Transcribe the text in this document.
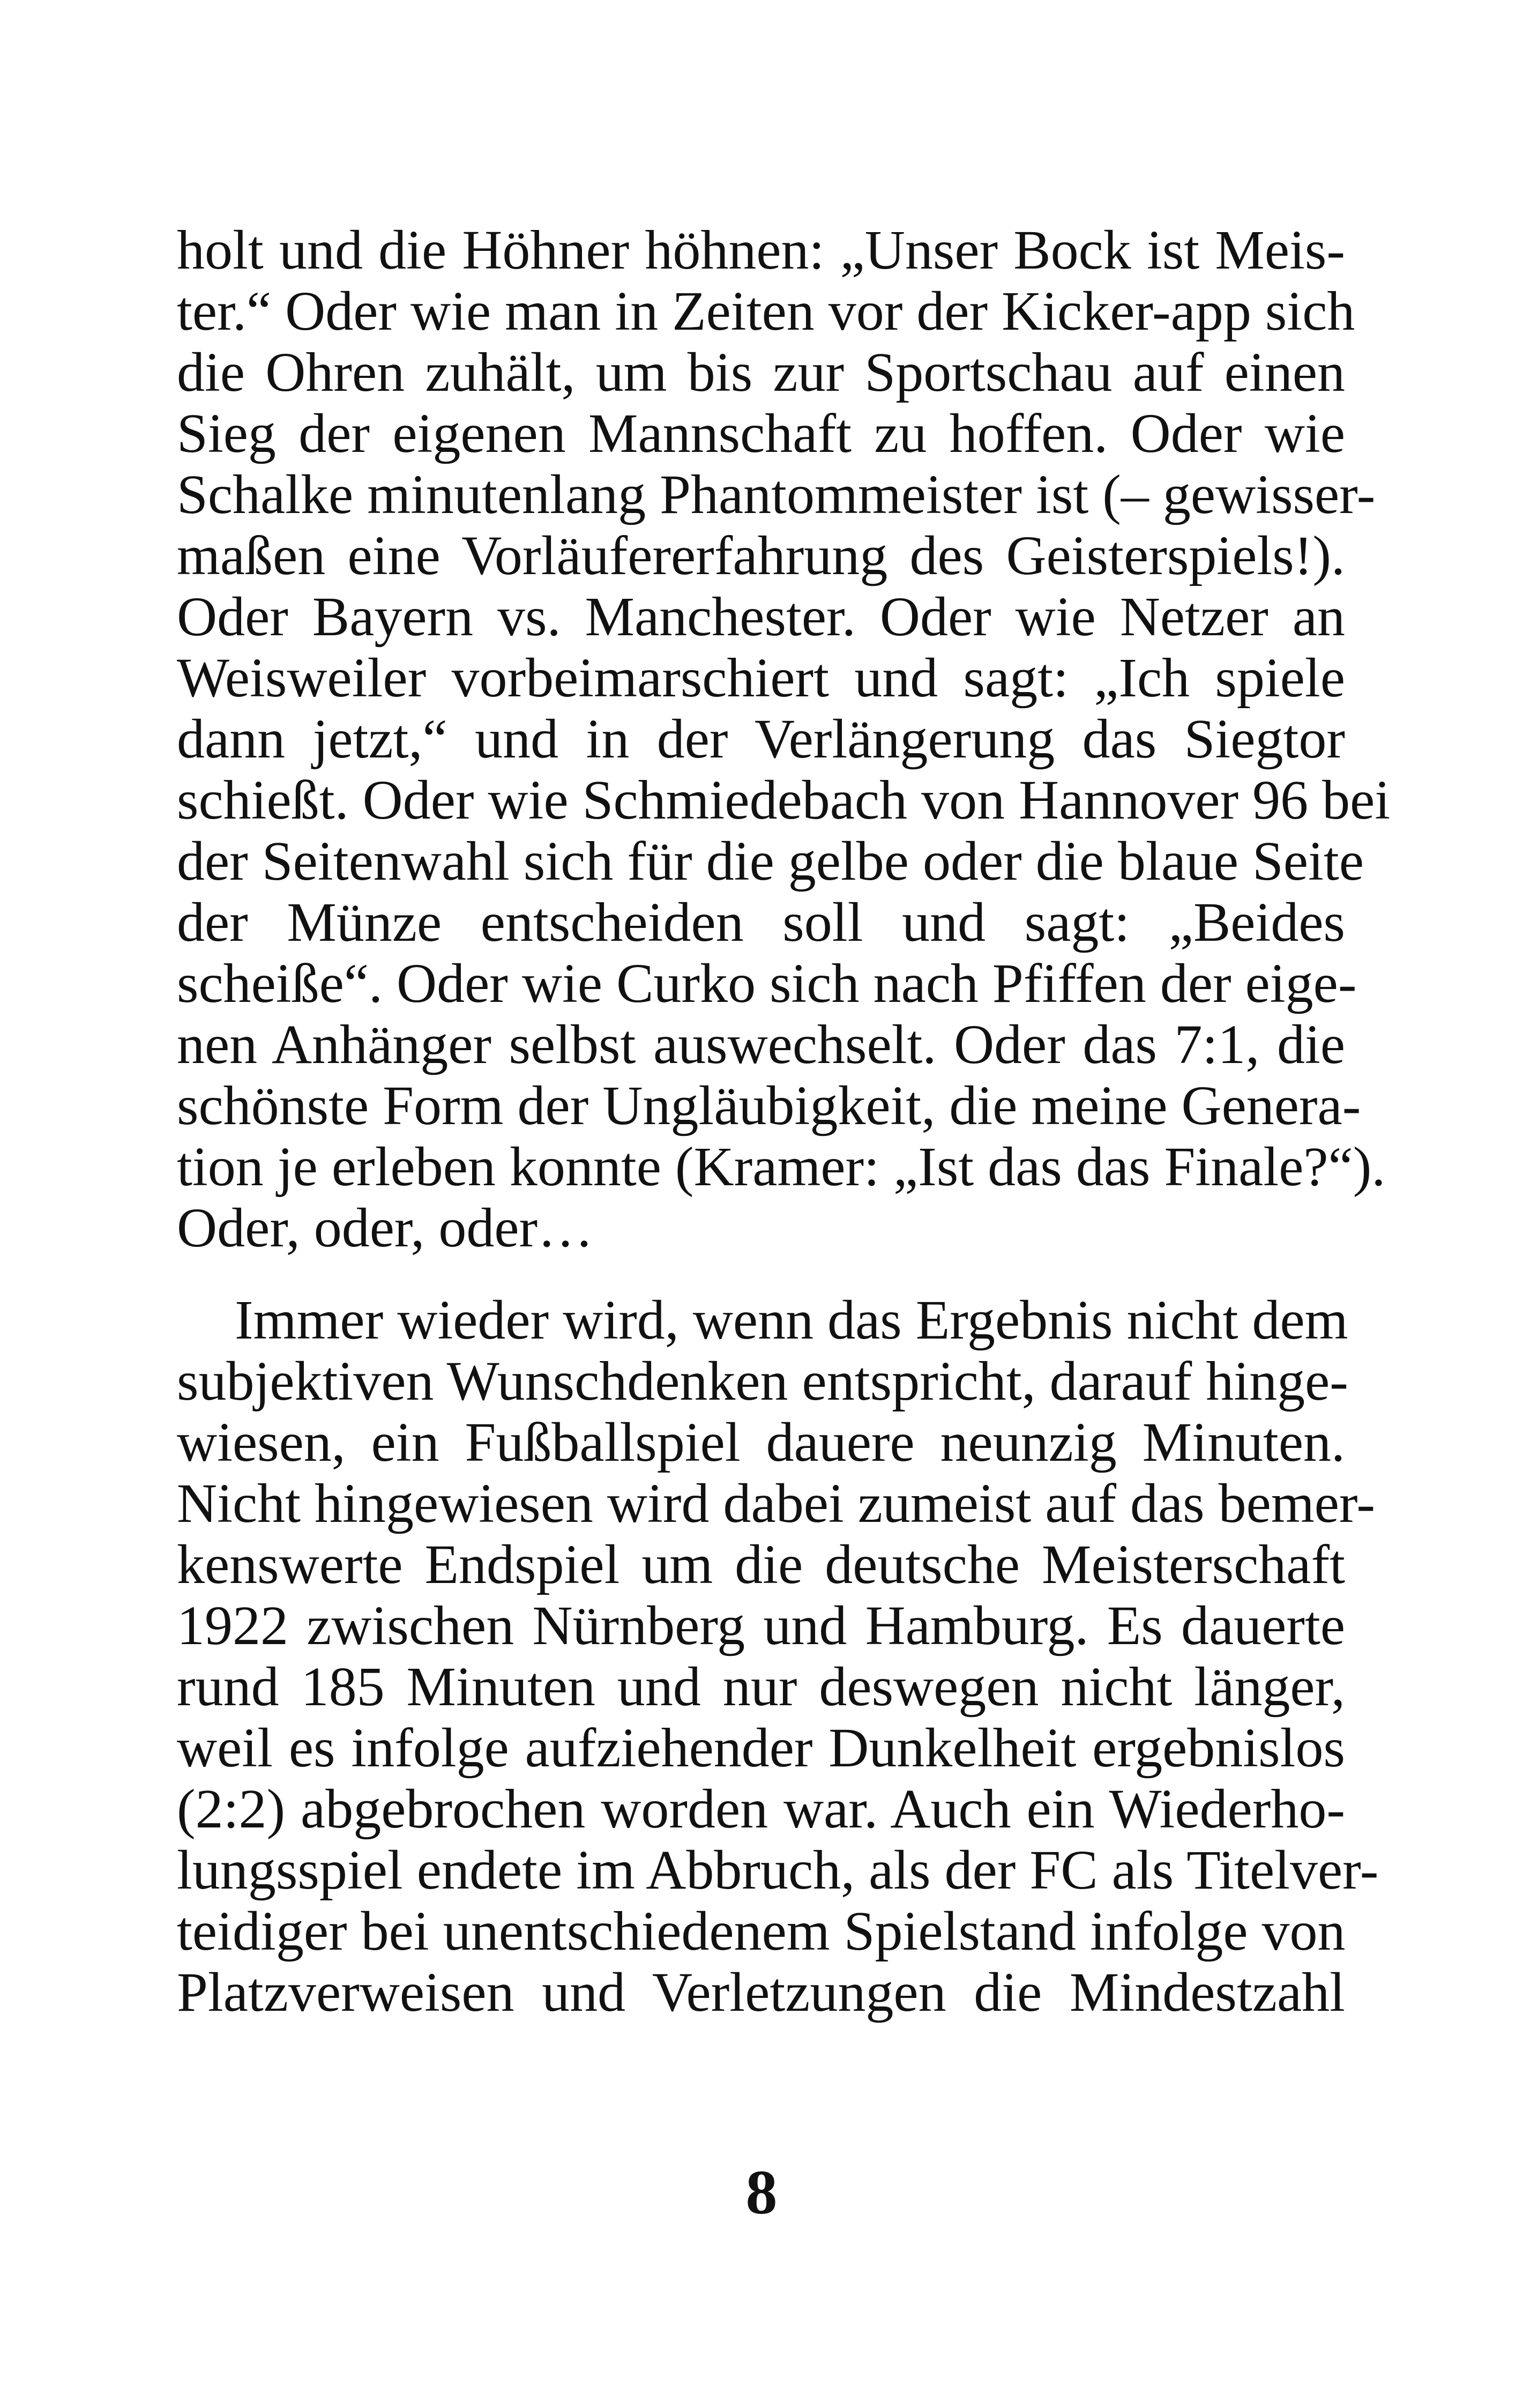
holt und die Höhner höhnen: „Unser Bock ist Meis-
ter.“ Oder wie man in Zeiten vor der Kicker-app sich
die Ohren zuhält, um bis zur Sportschau auf einen
Sieg der eigenen Mannschaft zu hoffen. Oder wie
Schalke minutenlang Phantommeister ist (– gewisser-
maßen eine Vorläufererfahrung des Geisterspiels!).
Oder Bayern vs. Manchester. Oder wie Netzer an
Weisweiler vorbeimarschiert und sagt: „Ich spiele
dann jetzt,“ und in der Verlängerung das Siegtor
schießt. Oder wie Schmiedebach von Hannover 96 bei
der Seitenwahl sich für die gelbe oder die blaue Seite
der Münze entscheiden soll und sagt: „Beides
scheiße“. Oder wie Curko sich nach Pfiffen der eige-
nen Anhänger selbst auswechselt. Oder das 7:1, die
schönste Form der Ungläubigkeit, die meine Genera-
tion je erleben konnte (Kramer: „Ist das das Finale?“).
Oder, oder, oder…
Immer wieder wird, wenn das Ergebnis nicht dem
subjektiven Wunschdenken entspricht, darauf hinge-
wiesen, ein Fußballspiel dauere neunzig Minuten.
Nicht hingewiesen wird dabei zumeist auf das bemer-
kenswerte Endspiel um die deutsche Meisterschaft
1922 zwischen Nürnberg und Hamburg. Es dauerte
rund 185 Minuten und nur deswegen nicht länger,
weil es infolge aufziehender Dunkelheit ergebnislos
(2:2) abgebrochen worden war. Auch ein Wiederho-
lungsspiel endete im Abbruch, als der FC als Titelver-
teidiger bei unentschiedenem Spielstand infolge von
Platzverweisen und Verletzungen die Mindestzahl
8
